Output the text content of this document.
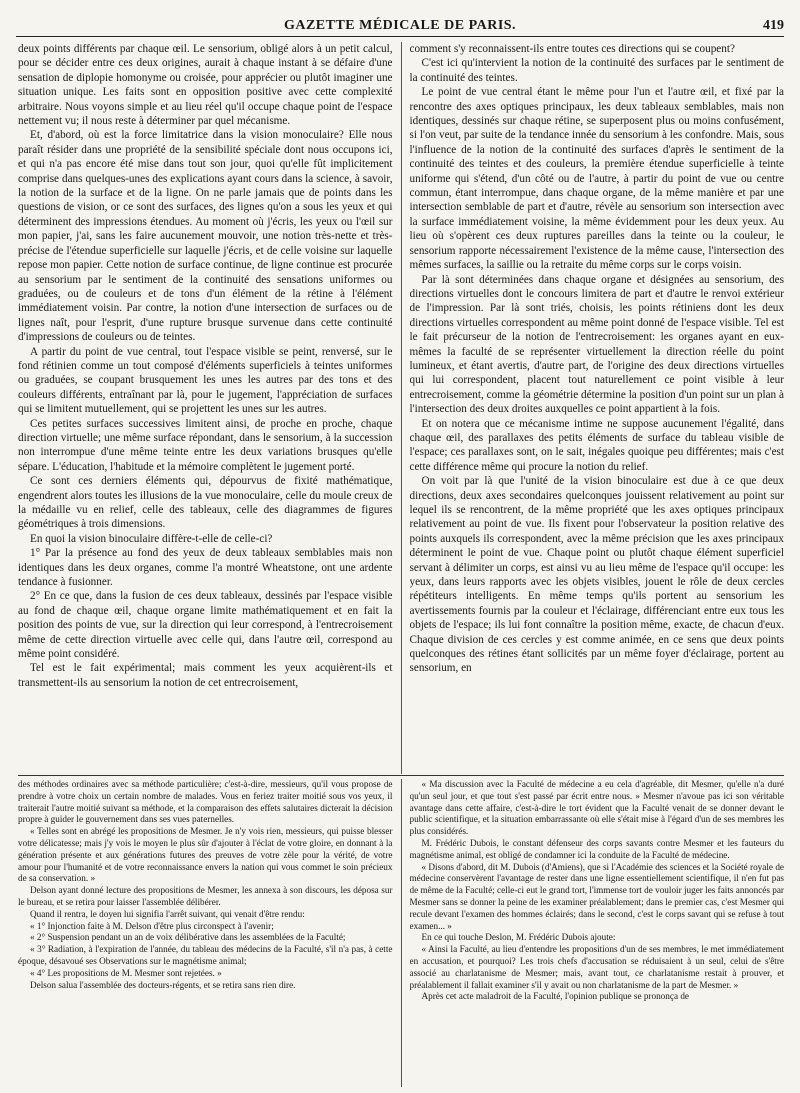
GAZETTE MÉDICALE DE PARIS.	419

deux points différents par chaque œil. Le sensorium, obligé alors à un petit calcul, pour se décider entre ces deux origines, aurait à chaque instant à se défaire d'une sensation de diplopie homonyme ou croisée, pour apprécier ou plutôt imaginer une situation unique. Les faits sont en opposition positive avec cette complexité arbitraire. Nous voyons simple et au lieu réel qu'il occupe chaque point de l'espace nettement vu; il nous reste à déterminer par quel mécanisme.

Et, d'abord, où est la force limitatrice dans la vision monoculaire? Elle nous paraît résider dans une propriété de la sensibilité spéciale dont nous occupons ici, et qui n'a pas encore été mise dans tout son jour, quoi qu'elle fût implicitement comprise dans quelques-unes des explications ayant cours dans la science, à savoir, la notion de la surface et de la ligne. On ne parle jamais que de points dans les questions de vision, or ce sont des surfaces, des lignes qu'on a sous les yeux et qui déterminent des impressions étendues. Au moment où j'écris, les yeux ou l'œil sur mon papier, j'ai, sans les faire aucunement mouvoir, une notion très-nette et très-précise de l'étendue superficielle sur laquelle j'écris, et de celle voisine sur laquelle repose mon papier. Cette notion de surface continue, de ligne continue est procurée au sensorium par le sentiment de la continuité des sensations uniformes ou graduées, ou de couleurs et de tons d'un élément de la rétine à l'élément immédiatement voisin. Par contre, la notion d'une intersection de surfaces ou de lignes naît, pour l'esprit, d'une rupture brusque survenue dans cette continuité d'impressions de couleurs ou de teintes.

A partir du point de vue central, tout l'espace visible se peint, renversé, sur le fond rétinien comme un tout composé d'éléments superficiels à teintes uniformes ou graduées, se coupant brusquement les unes les autres par des tons et des couleurs différents, entraînant par là, pour le jugement, l'appréciation de surfaces qui se limitent mutuellement, qui se projettent les unes sur les autres.

Ces petites surfaces successives limitent ainsi, de proche en proche, chaque direction virtuelle; une même surface répondant, dans le sensorium, à la succession non interrompue d'une même teinte entre les deux variations brusques qu'elle sépare. L'éducation, l'habitude et la mémoire complètent le jugement porté.

Ce sont ces derniers éléments qui, dépourvus de fixité mathématique, engendrent alors toutes les illusions de la vue monoculaire, celle du moule creux de la médaille vu en relief, celle des tableaux, celle des diagrammes de figures géométriques à trois dimensions.

En quoi la vision binoculaire diffère-t-elle de celle-ci?

1° Par la présence au fond des yeux de deux tableaux semblables mais non identiques dans les deux organes, comme l'a montré Wheatstone, ont une ardente tendance à fusionner.

2° En ce que, dans la fusion de ces deux tableaux, dessinés par l'espace visible au fond de chaque œil, chaque organe limite mathématiquement et en fait la position des points de vue, sur la direction qui leur correspond, à l'entrecroisement même de cette direction virtuelle avec celle qui, dans l'autre œil, correspond au même point considéré.

Tel est le fait expérimental; mais comment les yeux acquièrent-ils et transmettent-ils au sensorium la notion de cet entrecroisement,

comment s'y reconnaissent-ils entre toutes ces directions qui se coupent?

C'est ici qu'intervient la notion de la continuité des surfaces par le sentiment de la continuité des teintes.

Le point de vue central étant le même pour l'un et l'autre œil, et fixé par la rencontre des axes optiques principaux, les deux tableaux semblables, mais non identiques, dessinés sur chaque rétine, se superposent plus ou moins confusément, si l'on veut, par suite de la tendance innée du sensorium à les confondre. Mais, sous l'influence de la notion de la continuité des surfaces d'après le sentiment de la continuité des teintes et des couleurs, la première étendue superficielle à teinte uniforme qui s'étend, d'un côté ou de l'autre, à partir du point de vue ou centre commun, étant interrompue, dans chaque organe, de la même manière et par une intersection semblable de part et d'autre, révèle au sensorium son intersection avec la surface immédiatement voisine, la même évidemment pour les deux yeux. Au lieu où s'opèrent ces deux ruptures pareilles dans la teinte ou la couleur, le sensorium rapporte nécessairement l'existence de la même cause, l'intersection des mêmes surfaces, la saillie ou la retraite du même corps sur le corps voisin.

Par là sont déterminées dans chaque organe et désignées au sensorium, des directions virtuelles dont le concours limitera de part et d'autre le renvoi extérieur de l'impression. Par là sont triés, choisis, les points rétiniens dont les deux directions virtuelles correspondent au même point donné de l'espace visible. Tel est le fait précurseur de la notion de l'entrecroisement: les organes ayant en eux-mêmes la faculté de se représenter virtuellement la direction réelle du point lumineux, et étant avertis, d'autre part, de l'origine des deux directions virtuelles qui lui correspondent, placent tout naturellement ce point visible à leur entrecroisement, comme la géométrie détermine la position d'un point sur un plan à l'intersection des deux droites auxquelles ce point appartient à la fois.

Et on notera que ce mécanisme intime ne suppose aucunement l'égalité, dans chaque œil, des parallaxes des petits éléments de surface du tableau visible de l'espace; ces parallaxes sont, on le sait, inégales quoique peu différentes; mais c'est cette différence même qui procure la notion du relief.

On voit par là que l'unité de la vision binoculaire est due à ce que deux directions, deux axes secondaires quelconques jouissent relativement au point sur lequel ils se rencontrent, de la même propriété que les axes optiques principaux relativement au point de vue. Ils fixent pour l'observateur la position relative des points auxquels ils correspondent, avec la même précision que les axes principaux déterminent le point de vue. Chaque point ou plutôt chaque élément superficiel servant à délimiter un corps, est ainsi vu au lieu même de l'espace qu'il occupe: les yeux, dans leurs rapports avec les objets visibles, jouent le rôle de deux cercles répétiteurs intelligents. En même temps qu'ils portent au sensorium les avertissements fournis par la couleur et l'éclairage, différenciant entre eux tous les objets de l'espace; ils lui font connaître la position même, exacte, de chacun d'eux. Chaque division de ces cercles y est comme animée, en ce sens que deux points quelconques des rétines étant sollicités par un même foyer d'éclairage, portent au sensorium, en

des méthodes ordinaires avec sa méthode particulière; c'est-à-dire, messieurs, qu'il vous propose de prendre à votre choix un certain nombre de malades. Vous en feriez traiter moitié sous vos yeux, il traiterait l'autre moitié suivant sa méthode, et la comparaison des effets salutaires dicterait la décision propre à guider le gouvernement dans ses vues paternelles.

« Telles sont en abrégé les propositions de Mesmer. Je n'y vois rien, messieurs, qui puisse blesser votre délicatesse; mais j'y vois le moyen le plus sûr d'ajouter à l'éclat de votre gloire, en donnant à la génération présente et aux générations futures des preuves de votre zèle pour la vérité, de votre amour pour l'humanité et de votre reconnaissance envers la nation qui vous commet le soin précieux de sa conservation. »

Delson ayant donné lecture des propositions de Mesmer, les annexa à son discours, les déposa sur le bureau, et se retira pour laisser l'assemblée délibérer.

Quand il rentra, le doyen lui signifia l'arrêt suivant, qui venait d'être rendu:

« 1° Injonction faite à M. Delson d'être plus circonspect à l'avenir;

« 2° Suspension pendant un an de voix délibérative dans les assemblées de la Faculté;

« 3° Radiation, à l'expiration de l'année, du tableau des médecins de la Faculté, s'il n'a pas, à cette époque, désavoué ses Observations sur le magnétisme animal;

« 4° Les propositions de M. Mesmer sont rejetées. »

Delson salua l'assemblée des docteurs-régents, et se retira sans rien dire.

« Ma discussion avec la Faculté de médecine a eu cela d'agréable, dit Mesmer, qu'elle n'a duré qu'un seul jour, et que tout s'est passé par écrit entre nous. » Mesmer n'avoue pas ici son véritable avantage dans cette affaire, c'est-à-dire le tort évident que la Faculté venait de se donner devant le public scientifique, et la situation embarrassante où elle s'était mise à l'égard d'un de ses membres les plus considérés.

M. Frédéric Dubois, le constant défenseur des corps savants contre Mesmer et les fauteurs du magnétisme animal, est obligé de condamner ici la conduite de la Faculté de médecine.

« Disons d'abord, dit M. Dubois (d'Amiens), que si l'Académie des sciences et la Société royale de médecine conservèrent l'avantage de rester dans une ligne essentiellement scientifique, il n'en fut pas de même de la Faculté; celle-ci eut le grand tort, l'immense tort de vouloir juger les faits annoncés par Mesmer sans se donner la peine de les examiner préalablement; dans le premier cas, c'est Mesmer qui recule devant l'examen des hommes éclairés; dans le second, c'est le corps savant qui se refuse à tout examen... »

En ce qui touche Deslon, M. Frédéric Dubois ajoute:

« Ainsi la Faculté, au lieu d'entendre les propositions d'un de ses membres, le met immédiatement en accusation, et pourquoi? Les trois chefs d'accusation se réduisaient à un seul, celui de s'être associé au charlatanisme de Mesmer; mais, avant tout, ce charlatanisme restait à prouver, et préalablement il fallait examiner s'il y avait ou non charlatanisme de la part de Mesmer. »

Après cet acte maladroit de la Faculté, l'opinion publique se prononça de
